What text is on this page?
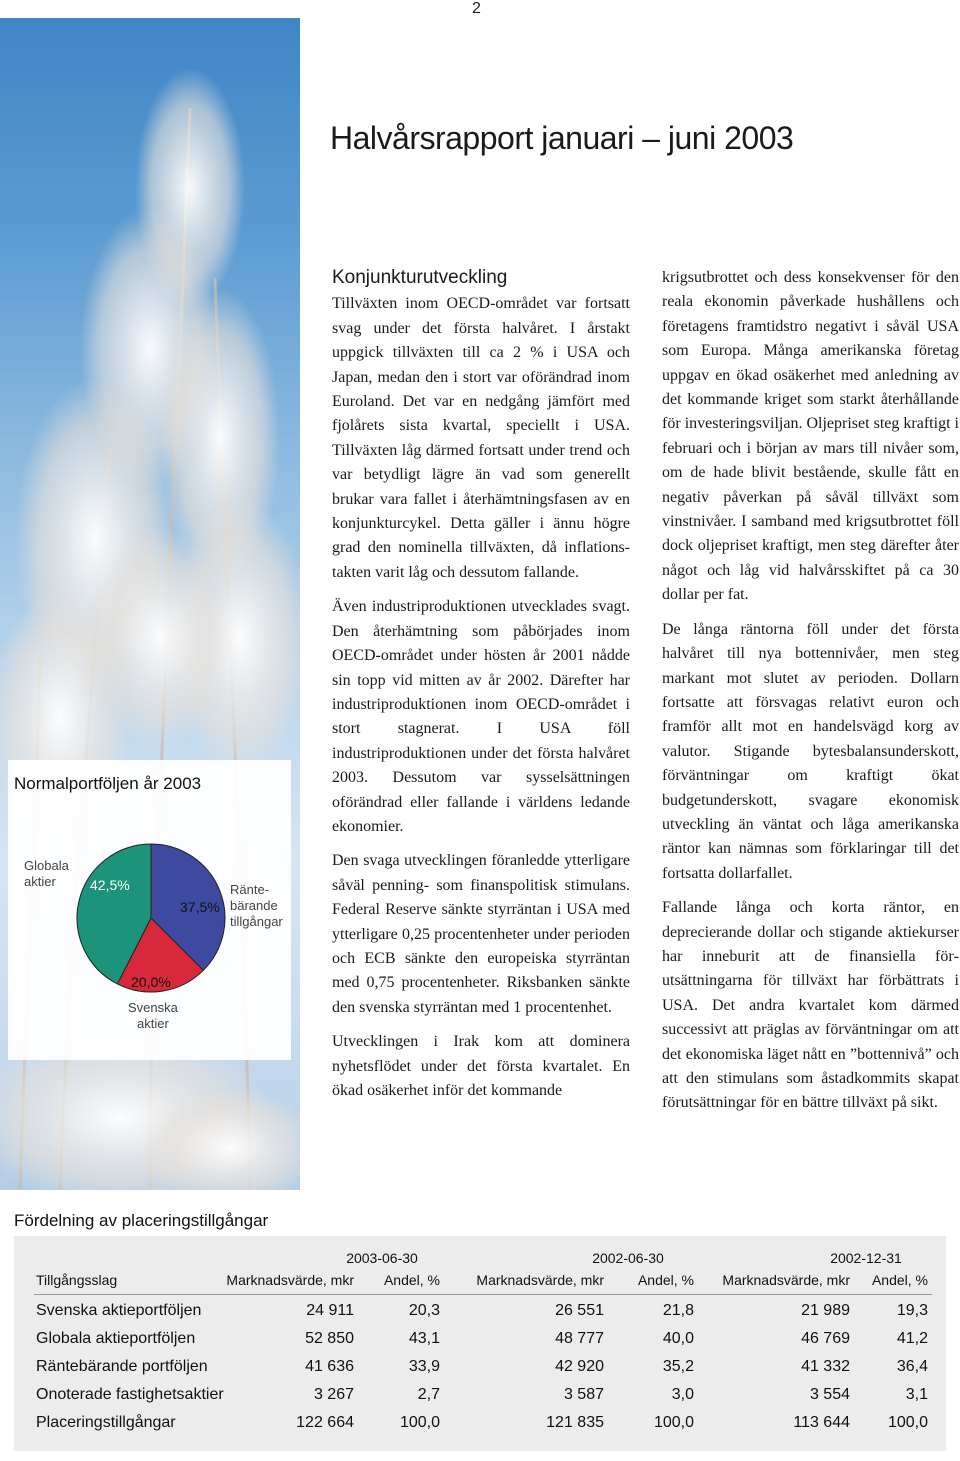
2
Normalportföljen år 2003
Globala
aktier
Ränte-
bärande
tillgångar
Svenska
aktier
42,5%
37,5%
20,0%
Halvårsrapport januari – juni 2003
Konjunkturutveckling

Tillväxten inom OECD-området var fortsatt svag under det första halvåret. I årstakt uppgick tillväxten till ca 2 % i USA och Japan, medan den i stort var oförändrad inom Euroland. Det var en nedgång jämfört med fjolårets sista kvartal, speciellt i USA. Tillväxten låg därmed fortsatt under trend och var betydligt lägre än vad som generellt brukar vara fallet i återhämtningsfasen av en konjunkturcykel. Detta gäller i ännu högre grad den nominella tillväxten, då inflationstakten varit låg och dessutom fallande.

Även industriproduktionen utvecklades svagt. Den återhämtning som påbörjades inom OECD-området under hösten år 2001 nådde sin topp vid mitten av år 2002. Därefter har industriproduktionen inom OECD-området i stort stagnerat. I USA föll industriproduktionen under det första halvåret 2003. Dessutom var sysselsättningen oförändrad eller fallande i världens ledande ekonomier.

Den svaga utvecklingen föranledde ytterligare såväl penning- som finanspolitisk stimulans. Federal Reserve sänkte styrräntan i USA med ytterligare 0,25 procentenheter under perioden och ECB sänkte den europeiska styrräntan med 0,75 procentenheter. Riksbanken sänkte den svenska styrräntan med 1 procentenhet.

Utvecklingen i Irak kom att dominera nyhetsflödet under det första kvartalet. En ökad osäkerhet inför det kommande

krigsutbrottet och dess konsekvenser för den reala ekonomin påverkade hushållens och företagens framtidstro negativt i såväl USA som Europa. Många amerikanska företag uppgav en ökad osäkerhet med anledning av det kommande kriget som starkt återhållande för investeringsviljan. Oljepriset steg kraftigt i februari och i början av mars till nivåer som, om de hade blivit bestående, skulle fått en negativ påverkan på såväl tillväxt som vinstnivåer. I samband med krigsutbrottet föll dock oljepriset kraftigt, men steg därefter åter något och låg vid halvårsskiftet på ca 30 dollar per fat.

De långa räntorna föll under det första halvåret till nya bottennivåer, men steg markant mot slutet av perioden. Dollarn fortsatte att försvagas relativt euron och framför allt mot en handelsvägd korg av valutor. Stigande bytesbalansunderskott, förväntningar om kraftigt ökat budgetunderskott, svagare ekonomisk utveckling än väntat och låga amerikanska räntor kan nämnas som förklaringar till det fortsatta dollarfallet.

Fallande långa och korta räntor, en deprecierande dollar och stigande aktiekurser har inneburit att de finansiella förutsättningarna för tillväxt har förbättrats i USA. Det andra kvartalet kom därmed successivt att präglas av förväntningar om att det ekonomiska läget nått en ”bottennivå” och att den stimulans som åstadkommits skapat förutsättningar för en bättre tillväxt på sikt.

Fördelning av placeringstillgångar
2003-06-30	2002-06-30	2002-12-31
Tillgångsslag	Marknadsvärde, mkr	Andel, %	Marknadsvärde, mkr	Andel, %	Marknadsvärde, mkr	Andel, %
Svenska aktieportföljen	24 911	20,3	26 551	21,8	21 989	19,3
Globala aktieportföljen	52 850	43,1	48 777	40,0	46 769	41,2
Räntebärande portföljen	41 636	33,9	42 920	35,2	41 332	36,4
Onoterade fastighetsaktier	3 267	2,7	3 587	3,0	3 554	3,1
Placeringstillgångar	122 664	100,0	121 835	100,0	113 644	100,0
